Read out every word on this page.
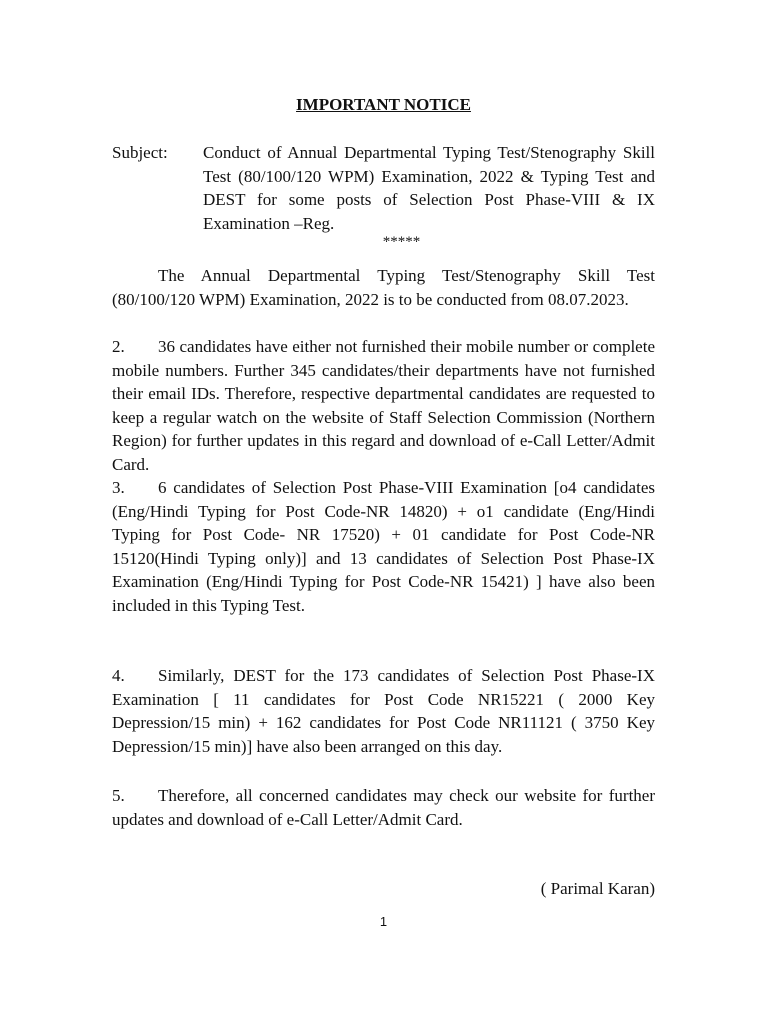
IMPORTANT NOTICE
Subject: Conduct of Annual Departmental Typing Test/Stenography Skill Test (80/100/120 WPM) Examination, 2022 & Typing Test and DEST for some posts of Selection Post Phase-VIII & IX Examination –Reg.
*****

The Annual Departmental Typing Test/Stenography Skill Test (80/100/120 WPM) Examination, 2022 is to be conducted from 08.07.2023.

2. 36 candidates have either not furnished their mobile number or complete mobile numbers. Further 345 candidates/their departments have not furnished their email IDs. Therefore, respective departmental candidates are requested to keep a regular watch on the website of Staff Selection Commission (Northern Region) for further updates in this regard and download of e-Call Letter/Admit Card.

3. 6 candidates of Selection Post Phase-VIII Examination [o4 candidates (Eng/Hindi Typing for Post Code-NR 14820) + o1 candidate (Eng/Hindi Typing for Post Code- NR 17520) + 01 candidate for Post Code-NR 15120(Hindi Typing only)] and 13 candidates of Selection Post Phase-IX Examination (Eng/Hindi Typing for Post Code-NR 15421) ] have also been included in this Typing Test.

4. Similarly, DEST for the 173 candidates of Selection Post Phase-IX Examination [ 11 candidates for Post Code NR15221 ( 2000 Key Depression/15 min) + 162 candidates for Post Code NR11121 ( 3750 Key Depression/15 min)] have also been arranged on this day.

5. Therefore, all concerned candidates may check our website for further updates and download of e-Call Letter/Admit Card.

( Parimal Karan)
1
